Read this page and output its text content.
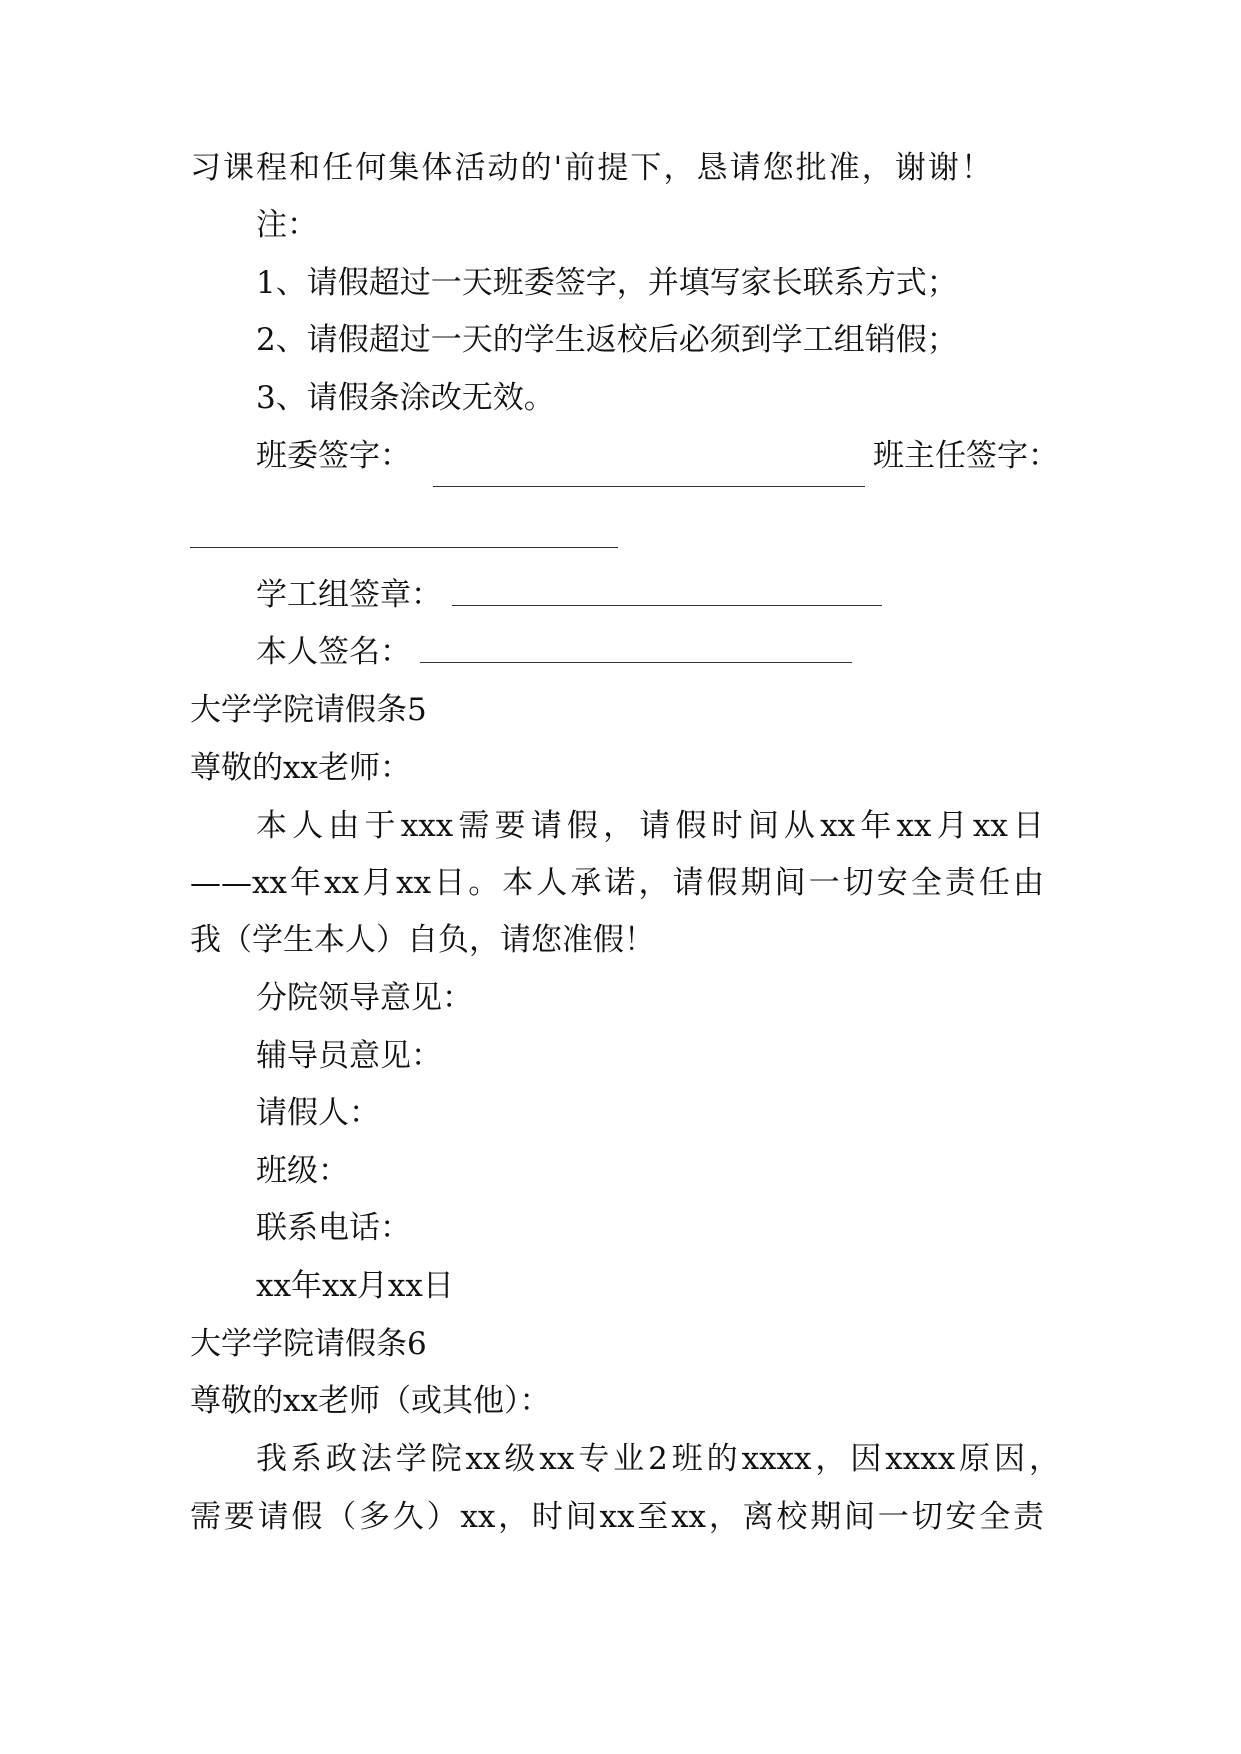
习课程和任何集体活动的'前提下，恳请您批准，谢谢！
注：
1、请假超过一天班委签字，并填写家长联系方式；
2、请假超过一天的学生返校后必须到学工组销假；
3、请假条涂改无效。
班委签字：	班主任签字：
学工组签章：
本人签名：
大学学院请假条5
尊敬的xx老师：
本人由于xxx需要请假，请假时间从xx年xx月xx日
——xx年xx月xx日。本人承诺，请假期间一切安全责任由
我（学生本人）自负，请您准假！
分院领导意见：
辅导员意见：
请假人：
班级：
联系电话：
xx年xx月xx日
大学学院请假条6
尊敬的xx老师（或其他）：
我系政法学院xx级xx专业2班的xxxx，因xxxx原因，
需要请假（多久）xx，时间xx至xx，离校期间一切安全责
